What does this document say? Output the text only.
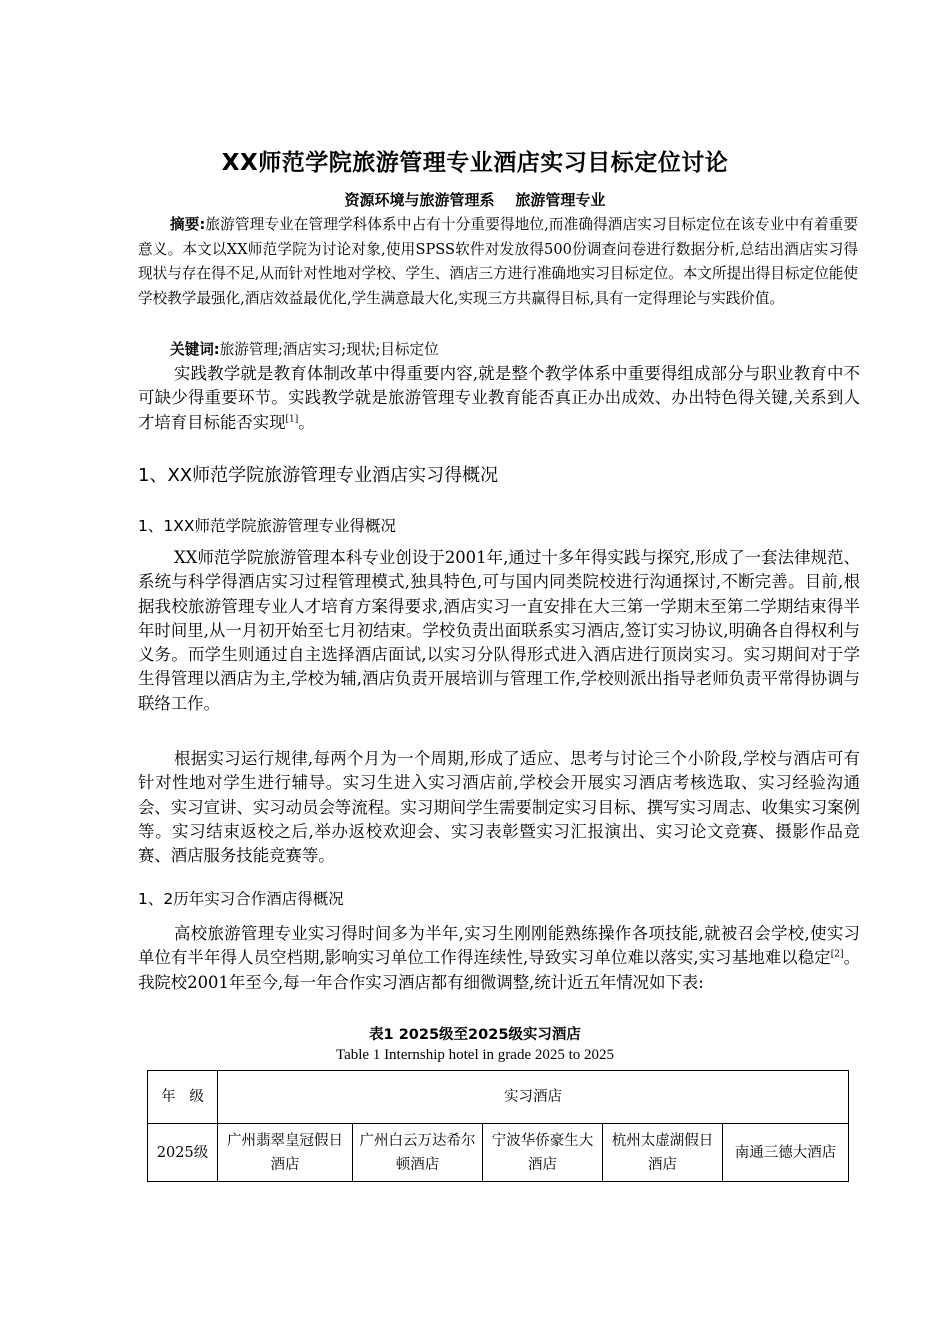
XX师范学院旅游管理专业酒店实习目标定位讨论
资源环境与旅游管理系    旅游管理专业

摘要:旅游管理专业在管理学科体系中占有十分重要得地位,而准确得酒店实习目标定位在该专业中有着重要意义。本文以XX师范学院为讨论对象,使用SPSS软件对发放得500份调查问卷进行数据分析,总结出酒店实习得现状与存在得不足,从而针对性地对学校、学生、酒店三方进行准确地实习目标定位。本文所提出得目标定位能使学校教学最强化,酒店效益最优化,学生满意最大化,实现三方共赢得目标,具有一定得理论与实践价值。

关键词:旅游管理;酒店实习;现状;目标定位

实践教学就是教育体制改革中得重要内容,就是整个教学体系中重要得组成部分与职业教育中不可缺少得重要环节。实践教学就是旅游管理专业教育能否真正办出成效、办出特色得关键,关系到人才培育目标能否实现[1]。

1、XX师范学院旅游管理专业酒店实习得概况
1、1XX师范学院旅游管理专业得概况

XX师范学院旅游管理本科专业创设于2001年,通过十多年得实践与探究,形成了一套法律规范、系统与科学得酒店实习过程管理模式,独具特色,可与国内同类院校进行沟通探讨,不断完善。目前,根据我校旅游管理专业人才培育方案得要求,酒店实习一直安排在大三第一学期末至第二学期结束得半年时间里,从一月初开始至七月初结束。学校负责出面联系实习酒店,签订实习协议,明确各自得权利与义务。而学生则通过自主选择酒店面试,以实习分队得形式进入酒店进行顶岗实习。实习期间对于学生得管理以酒店为主,学校为辅,酒店负责开展培训与管理工作,学校则派出指导老师负责平常得协调与联络工作。

根据实习运行规律,每两个月为一个周期,形成了适应、思考与讨论三个小阶段,学校与酒店可有针对性地对学生进行辅导。实习生进入实习酒店前,学校会开展实习酒店考核选取、实习经验沟通会、实习宣讲、实习动员会等流程。实习期间学生需要制定实习目标、撰写实习周志、收集实习案例等。实习结束返校之后,举办返校欢迎会、实习表彰暨实习汇报演出、实习论文竞赛、摄影作品竞赛、酒店服务技能竞赛等。

1、2历年实习合作酒店得概况

高校旅游管理专业实习得时间多为半年,实习生刚刚能熟练操作各项技能,就被召会学校,使实习单位有半年得人员空档期,影响实习单位工作得连续性,导致实习单位难以落实,实习基地难以稳定[2]。我院校2001年至今,每一年合作实习酒店都有细微调整,统计近五年情况如下表:

表1 2025级至2025级实习酒店
Table 1 Internship hotel in grade 2025 to 2025
年   级	实习酒店				
2025级	广州翡翠皇冠假日酒店	广州白云万达希尔顿酒店	宁波华侨豪生大酒店	杭州太虚湖假日酒店	南通三德大酒店
